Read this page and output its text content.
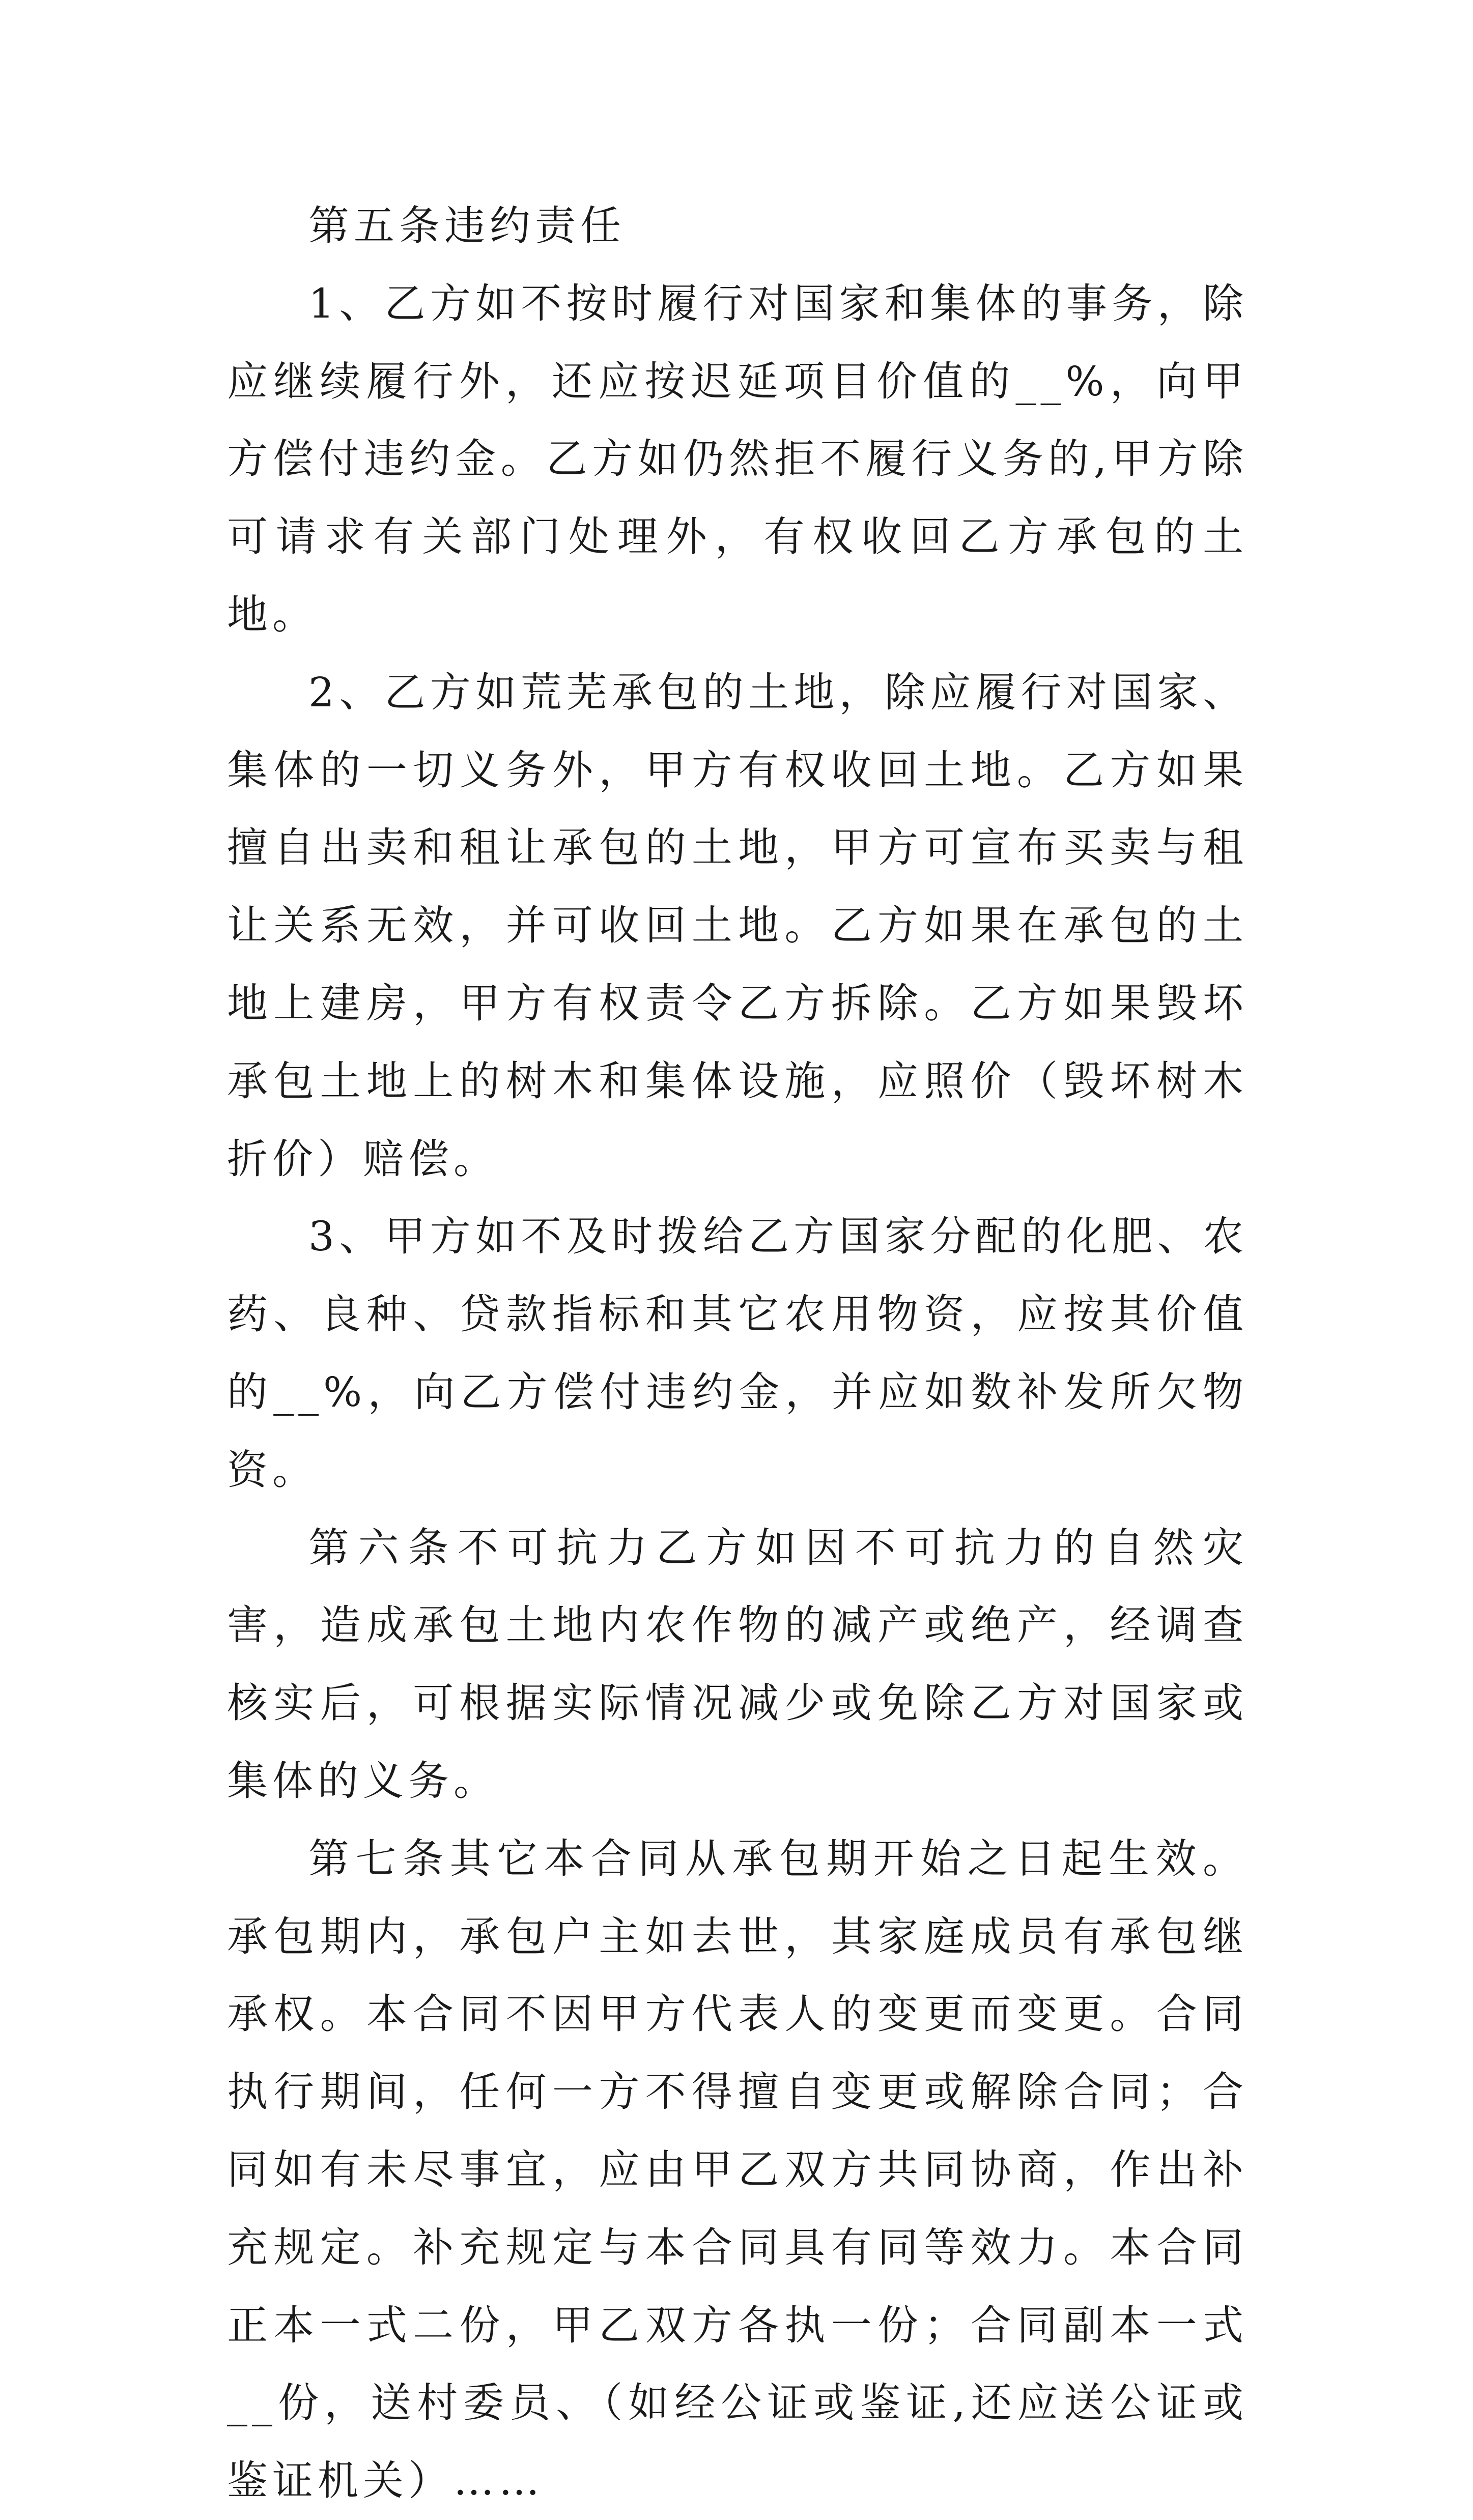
第五条违约责任

1、乙方如不按时履行对国家和集体的事务，除应继续履行外，还应按迟延项目价值的__%，向甲方偿付违约金。乙方如仍然拒不履行义务的,甲方除可请求有关部门处理外，有权收回乙方承包的土地。

2、乙方如荒芜承包的土地，除应履行对国家、集体的一切义务外，甲方有权收回土地。乙方如果擅自出卖和租让承包的土地，甲方可宣布买卖与租让关系无效，并可收回土地。乙方如果在承包的土地上建房，甲方有权责令乙方拆除。乙方如果毁坏承包土地上的树木和集体设施，应照价（毁坏树木折价）赔偿。

3、甲方如不及时拨给乙方国家分配的化肥、农药、良种、贷款指标和其它农用物资，应按其价值的__%，向乙方偿付违约金，并应如数补发所欠物资。

第六条不可抗力乙方如因不可抗力的自然灾害，造成承包土地内农作物的减产或绝产，经调查核实后，可根据实际情况减少或免除乙方对国家或集体的义务。

第七条其它本合同从承包期开始之日起生效。承包期内，承包户主如去世，其家庭成员有承包继承权。本合同不因甲方代表人的变更而变更。合同执行期间，任何一方不得擅自变更或解除合同；合同如有未尽事宜，应由甲乙双方共同协商，作出补充规定。补充规定与本合同具有同等效力。本合同正本一式二份，甲乙双方各执一份；合同副本一式__份，送村委员、（如经公证或鉴证,还应送公证或鉴证机关）……
